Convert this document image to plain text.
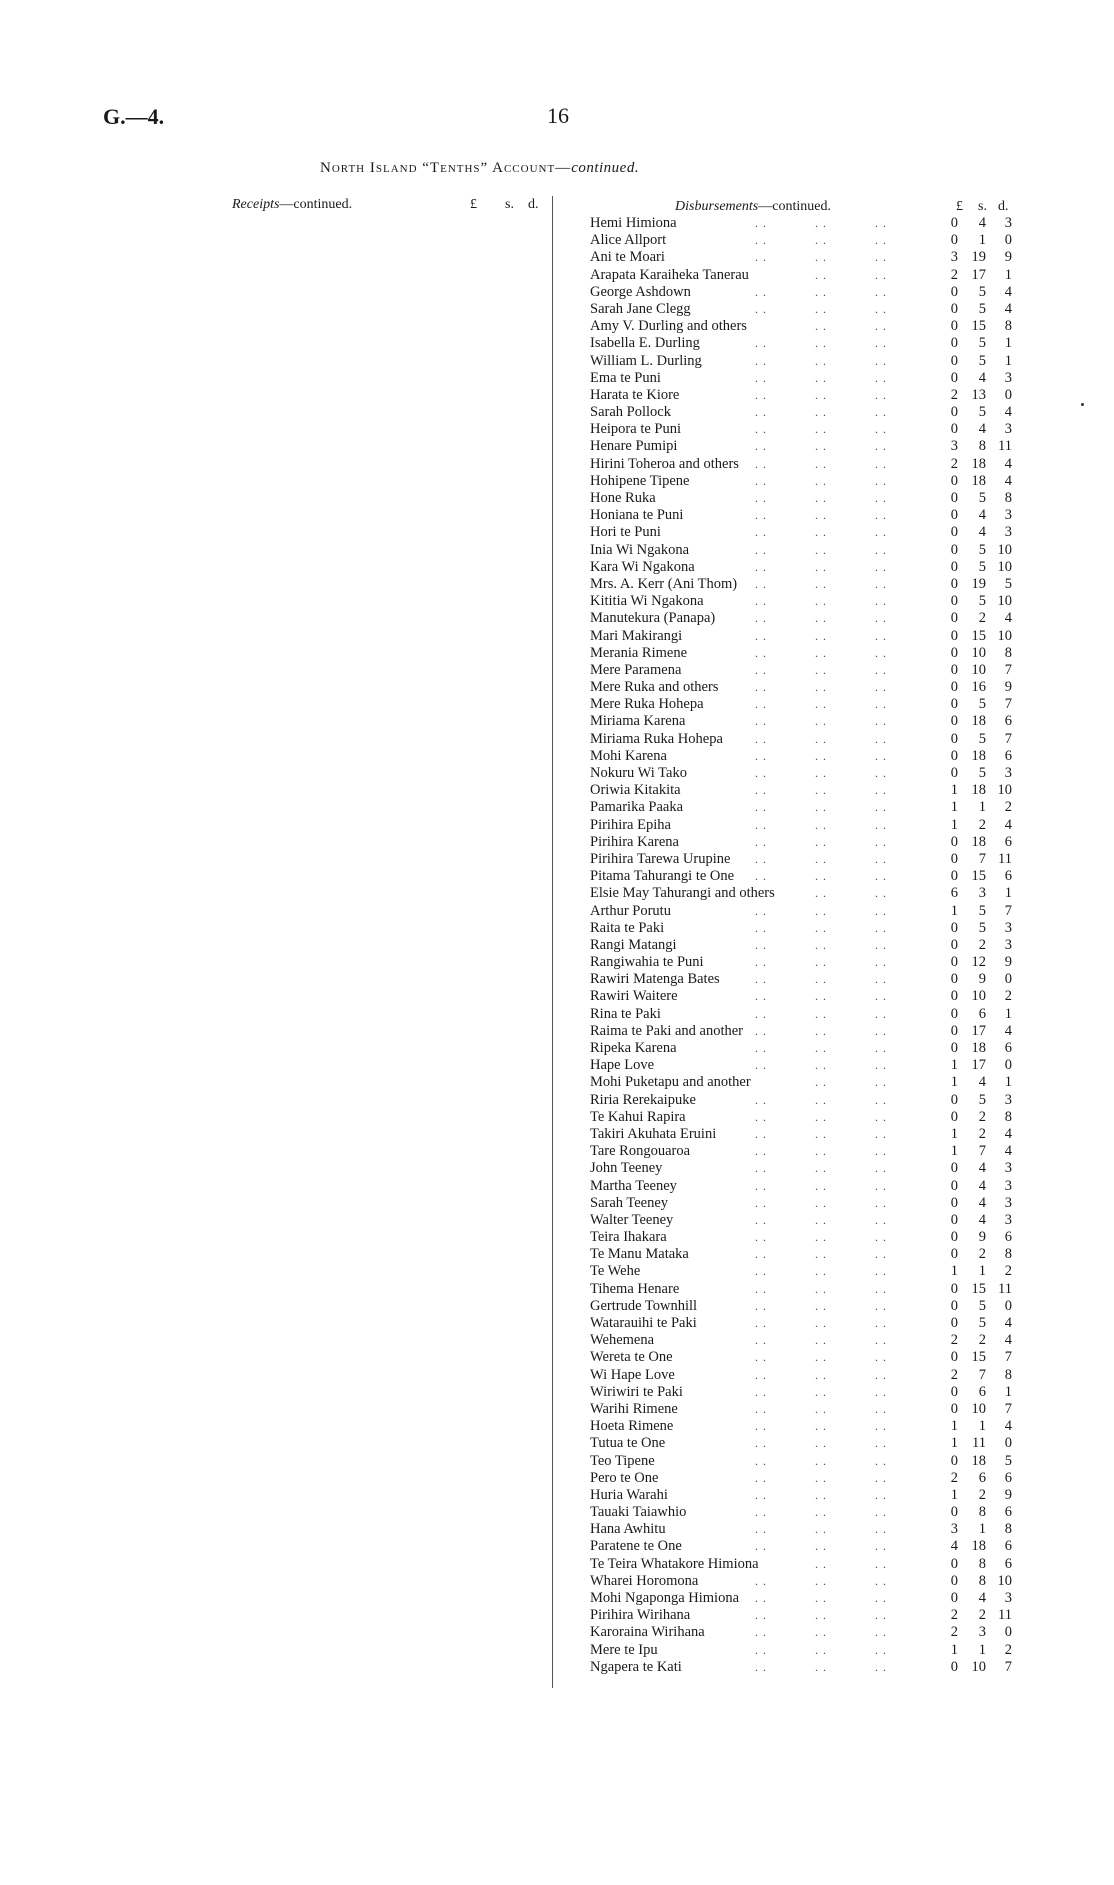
G.—4.	16
North Island “Tenths” Account—continued.
Receipts—continued.	£ s. d.	Disbursements—continued.	£ s. d.
Hemi Himiona	. .	. .	. .	0	4	3
Alice Allport	. .	. .	. .	0	1	0
Ani te Moari	. .	. .	. .	3 19	9
Arapata Karaiheka Tanerau	. .	. .	2 17	1
George Ashdown	. .	. .	. .	0	5	4
Sarah Jane Clegg	. .	. .	. .	0	5	4
Amy V. Durling and others	. .	. .	0 15	8
Isabella E. Durling	. .	. .	. .	0	5	1
William L. Durling	. .	. .	. .	0	5	1
Ema te Puni	. .	. .	. .	0	4	3
Harata te Kiore	. .	. .	. .	2 13	0
Sarah Pollock	. .	. .	. .	0	5	4
Heipora te Puni	. .	. .	. .	0	4	3
Henare Pumipi	. .	. .	. .	3	8 11
Hirini Toheroa and others . .	. .	. .	2 18	4
Hohipene Tipene	. .	. .	. .	0 18	4
Hone Ruka	. .	. .	. .	0	5	8
Honiana te Puni	. .	. .	. .	0	4	3
Hori te Puni	. .	. .	. .	0	4	3
Inia Wi Ngakona	. .	. .	. .	0	5 10
Kara Wi Ngakona	. .	. .	. .	0	5 10
Mrs. A. Kerr (Ani Thom) . .	. .	. .	0 19	5
Kititia Wi Ngakona	. .	. .	. .	0	5 10
Manutekura (Panapa)	. .	. .	. .	0	2	4
Mari Makirangi	. .	. .	. .	0 15 10
Merania Rimene	. .	. .	. .	0 10	8
Mere Paramena	. .	. .	. .	0 10	7
Mere Ruka and others	. .	. .	. .	0 16	9
Mere Ruka Hohepa	. .	. .	. .	0	5	7
Miriama Karena	. .	. .	. .	0 18	6
Miriama Ruka Hohepa	. .	. .	. .	0	5	7
Mohi Karena	. .	. .	. .	0 18	6
Nokuru Wi Tako	. .	. .	. .	0	5	3
Oriwia Kitakita	. .	. .	. .	1 18 10
Pamarika Paaka	. .	. .	. .	1	1	2
Pirihira Epiha	. .	. .	. .	1	2	4
Pirihira Karena	. .	. .	. .	0 18	6
Pirihira Tarewa Urupine . .	. .	. .	0	7 11
Pitama Tahurangi te One . .	. .	. .	0 15	6
Elsie May Tahurangi and others	. .	. .	6	3	1
Arthur Porutu	. .	. .	. .	1	5	7
Raita te Paki	. .	. .	. .	0	5	3
Rangi Matangi	. .	. .	. .	0	2	3
Rangiwahia te Puni	. .	. .	. .	0 12	9
Rawiri Matenga Bates	. .	. .	. .	0	9	0
Rawiri Waitere	. .	. .	. .	0 10	2
Rina te Paki	. .	. .	. .	0	6	1
Raima te Paki and another . .	. .	. .	0 17	4
Ripeka Karena	. .	. .	. .	0 18	6
Hape Love	. .	. .	. .	1 17	0
Mohi Puketapu and another	. .	. .	1	4	1
Riria Rerekaipuke	. .	. .	. .	0	5	3
Te Kahui Rapira	. .	. .	. .	0	2	8
Takiri Akuhata Eruini	. .	. .	. .	1	2	4
Tare Rongouaroa	. .	. .	. .	1	7	4
John Teeney	. .	. .	. .	0	4	3
Martha Teeney	. .	. .	. .	0	4	3
Sarah Teeney	. .	. .	. .	0	4	3
Walter Teeney	. .	. .	. .	0	4	3
Teira Ihakara	. .	. .	. .	0	9	6
Te Manu Mataka	. .	. .	. .	0	2	8
Te Wehe	. .	. .	. .	1	1	2
Tihema Henare	. .	. .	. .	0 15 11
Gertrude Townhill	. .	. .	. .	0	5	0
Watarauihi te Paki	. .	. .	. .	0	5	4
Wehemena	. .	. .	. .	2	2	4
Wereta te One	. .	. .	. .	0 15	7
Wi Hape Love	. .	. .	. .	2	7	8
Wiriwiri te Paki	. .	. .	. .	0	6	1
Warihi Rimene	. .	. .	. .	0 10	7
Hoeta Rimene	. .	. .	. .	1	1	4
Tutua te One	. .	. .	. .	1 11	0
Teo Tipene	. .	. .	. .	0 18	5
Pero te One	. .	. .	. .	2	6	6
Huria Warahi	. .	. .	. .	1	2	9
Tauaki Taiawhio	. .	. .	. .	0	8	6
Hana Awhitu	. .	. .	. .	3	1	8
Paratene te One	. .	. .	. .	4 18	6
Te Teira Whatakore Himiona	. .	. .	0	8	6
Wharei Horomona	. .	. .	. .	0	8 10
Mohi Ngaponga Himiona . .	. .	. .	0	4	3
Pirihira Wirihana	. .	. .	. .	2	2 11
Karoraina Wirihana	. .	. .	. .	2	3	0
Mere te Ipu	. .	. .	. .	1	1	2
Ngapera te Kati	. .	. .	. .	0 10	7
